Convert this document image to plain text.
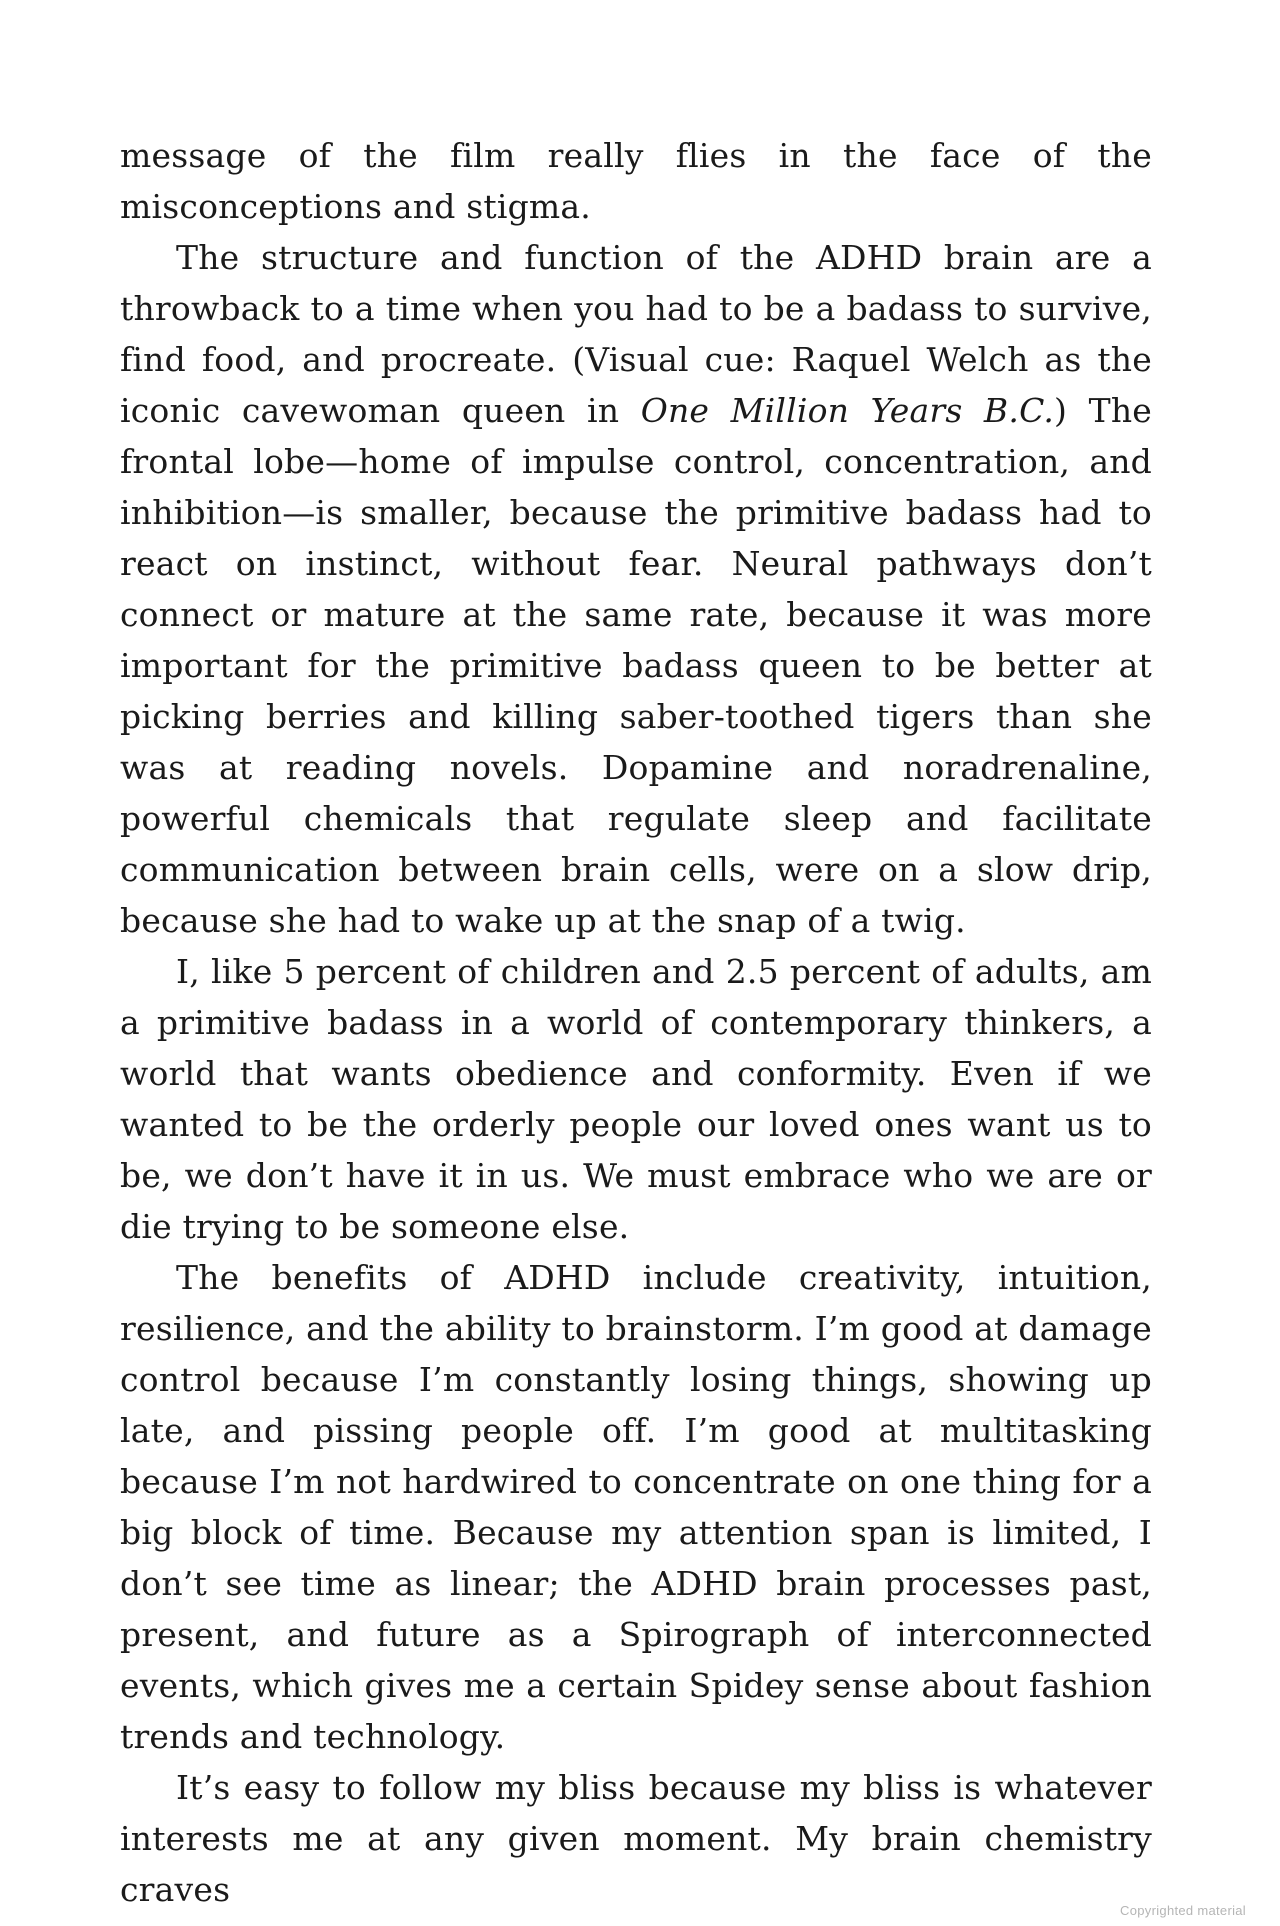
message of the film really flies in the face of the misconceptions and stigma.

The structure and function of the ADHD brain are a throwback to a time when you had to be a badass to survive, find food, and procreate. (Visual cue: Raquel Welch as the iconic cavewoman queen in One Million Years B.C.) The frontal lobe—home of impulse control, concentration, and inhibition—is smaller, because the primitive badass had to react on instinct, without fear. Neural pathways don’t connect or mature at the same rate, because it was more important for the primitive badass queen to be better at picking berries and killing saber-toothed tigers than she was at reading novels. Dopamine and noradrenaline, powerful chemicals that regulate sleep and facilitate communication between brain cells, were on a slow drip, because she had to wake up at the snap of a twig.

I, like 5 percent of children and 2.5 percent of adults, am a primitive badass in a world of contemporary thinkers, a world that wants obedience and conformity. Even if we wanted to be the orderly people our loved ones want us to be, we don’t have it in us. We must embrace who we are or die trying to be someone else.

The benefits of ADHD include creativity, intuition, resilience, and the ability to brainstorm. I’m good at damage control because I’m constantly losing things, showing up late, and pissing people off. I’m good at multitasking because I’m not hardwired to concentrate on one thing for a big block of time. Because my attention span is limited, I don’t see time as linear; the ADHD brain processes past, present, and future as a Spirograph of interconnected events, which gives me a certain Spidey sense about fashion trends and technology.

It’s easy to follow my bliss because my bliss is whatever interests me at any given moment. My brain chemistry craves

Copyrighted material
